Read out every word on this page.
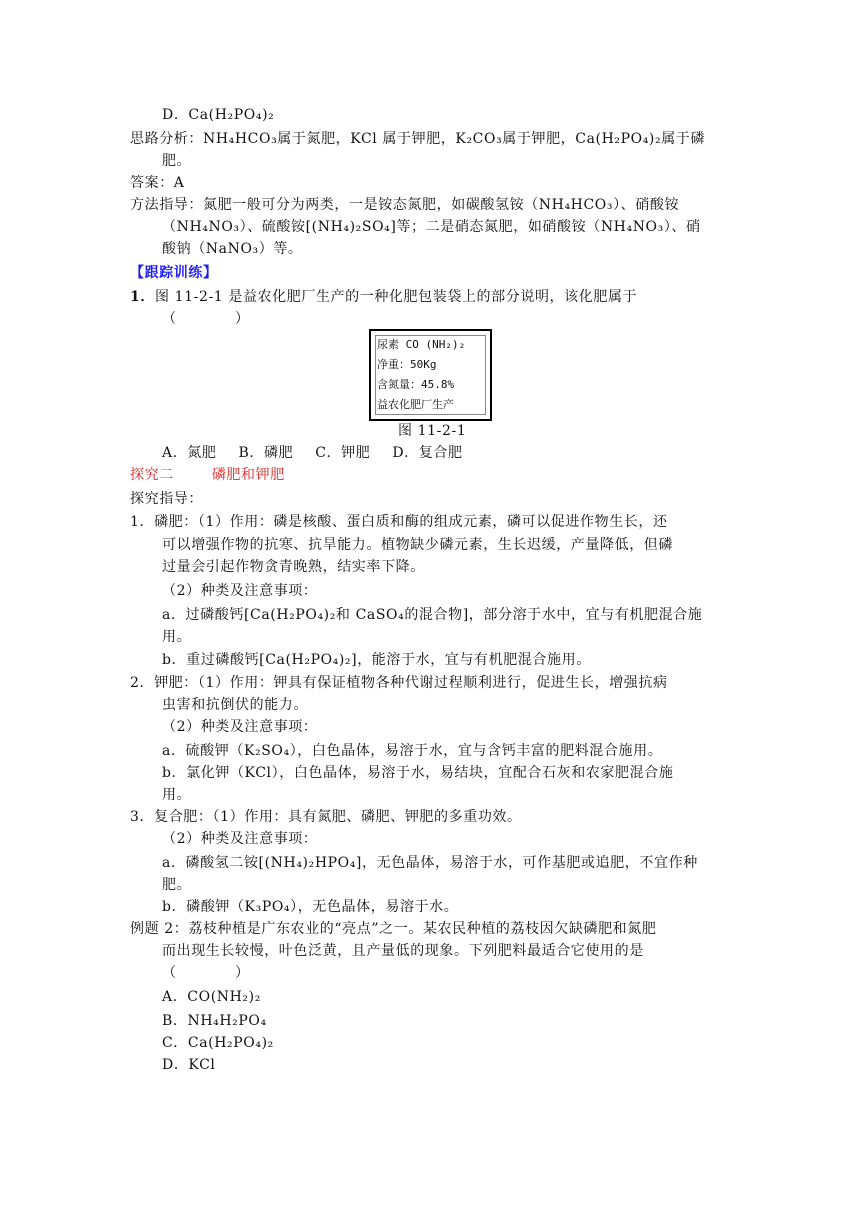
D．Ca(H₂PO₄)₂
思路分析：NH₄HCO₃属于氮肥，KCl 属于钾肥，K₂CO₃属于钾肥，Ca(H₂PO₄)₂属于磷
肥。
答案：A
方法指导：氮肥一般可分为两类，一是铵态氮肥，如碳酸氢铵（NH₄HCO₃）、硝酸铵
（NH₄NO₃）、硫酸铵[(NH₄)₂SO₄]等；二是硝态氮肥，如硝酸铵（NH₄NO₃）、硝
酸钠（NaNO₃）等。
【跟踪训练】
1．图 11-2-1 是益农化肥厂生产的一种化肥包装袋上的部分说明，该化肥属于
（　　　　）
尿素 CO (NH₂)₂
净重：50Kg
含氮量：45.8%
益农化肥厂生产
图 11-2-1
A．氮肥 B．磷肥 C．钾肥 D．复合肥
探究二	磷肥和钾肥
探究指导：
1．磷肥：（1）作用：磷是核酸、蛋白质和酶的组成元素，磷可以促进作物生长，还
可以增强作物的抗寒、抗旱能力。植物缺少磷元素，生长迟缓，产量降低，但磷
过量会引起作物贪青晚熟，结实率下降。
（2）种类及注意事项：
a．过磷酸钙[Ca(H₂PO₄)₂和 CaSO₄的混合物]，部分溶于水中，宜与有机肥混合施
用。
b．重过磷酸钙[Ca(H₂PO₄)₂]，能溶于水，宜与有机肥混合施用。
2．钾肥：（1）作用：钾具有保证植物各种代谢过程顺利进行，促进生长，增强抗病
虫害和抗倒伏的能力。
（2）种类及注意事项：
a．硫酸钾（K₂SO₄），白色晶体，易溶于水，宜与含钙丰富的肥料混合施用。
b．氯化钾（KCl），白色晶体，易溶于水，易结块，宜配合石灰和农家肥混合施
用。
3．复合肥：（1）作用：具有氮肥、磷肥、钾肥的多重功效。
（2）种类及注意事项：
a．磷酸氢二铵[(NH₄)₂HPO₄]，无色晶体，易溶于水，可作基肥或追肥，不宜作种
肥。
b．磷酸钾（K₃PO₄），无色晶体，易溶于水。
例题 2：荔枝种植是广东农业的“亮点”之一。某农民种植的荔枝因欠缺磷肥和氮肥
而出现生长较慢，叶色泛黄，且产量低的现象。下列肥料最适合它使用的是
（　　　　）
A．CO(NH₂)₂
B．NH₄H₂PO₄
C．Ca(H₂PO₄)₂
D．KCl
